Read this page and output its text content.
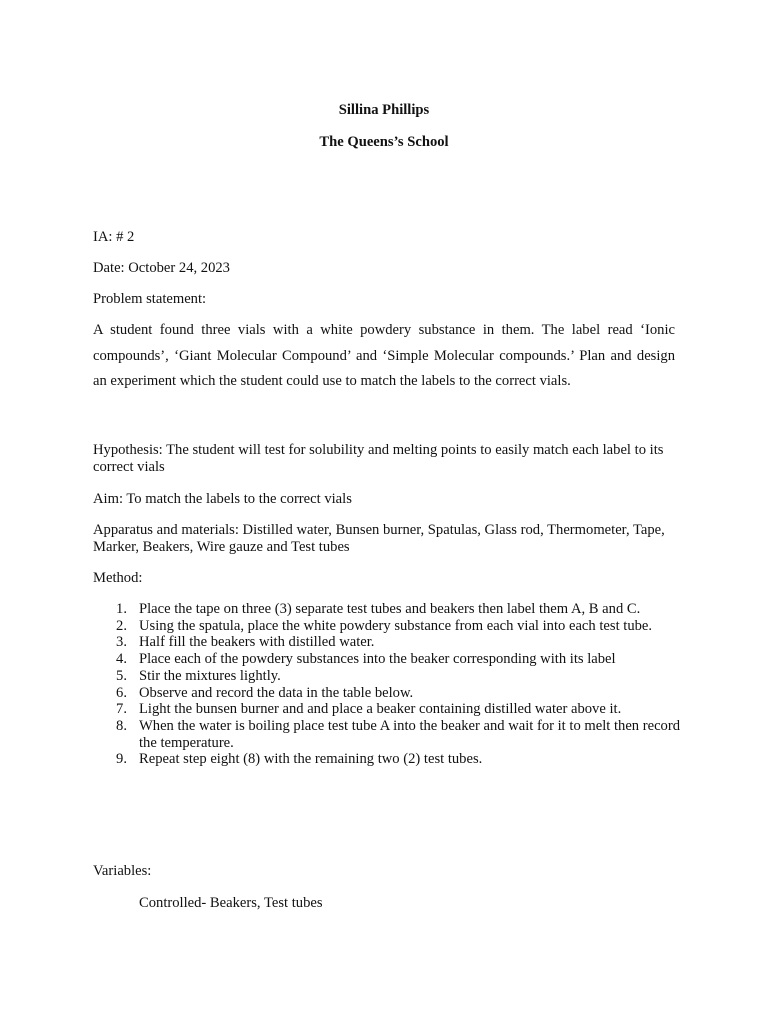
Sillina Phillips
The Queens’s School
IA: # 2
Date: October 24, 2023
Problem statement:
A student found three vials with a white powdery substance in them. The label read ‘Ionic compounds’, ‘Giant Molecular Compound’ and ‘Simple Molecular compounds.’ Plan and design an experiment which the student could use to match the labels to the correct vials.
Hypothesis: The student will test for solubility and melting points to easily match each label to its correct vials
Aim: To match the labels to the correct vials
Apparatus and materials: Distilled water, Bunsen burner, Spatulas, Glass rod, Thermometer, Tape, Marker, Beakers, Wire gauze and Test tubes
Method:
1. Place the tape on three (3) separate test tubes and beakers then label them A, B and C.
2. Using the spatula, place the white powdery substance from each vial into each test tube.
3. Half fill the beakers with distilled water.
4. Place each of the powdery substances into the beaker corresponding with its label
5. Stir the mixtures lightly.
6. Observe and record the data in the table below.
7. Light the bunsen burner and and place a beaker containing distilled water above it.
8. When the water is boiling place test tube A into the beaker and wait for it to melt then record the temperature.
9. Repeat step eight (8) with the remaining two (2) test tubes.
Variables:
Controlled- Beakers, Test tubes
